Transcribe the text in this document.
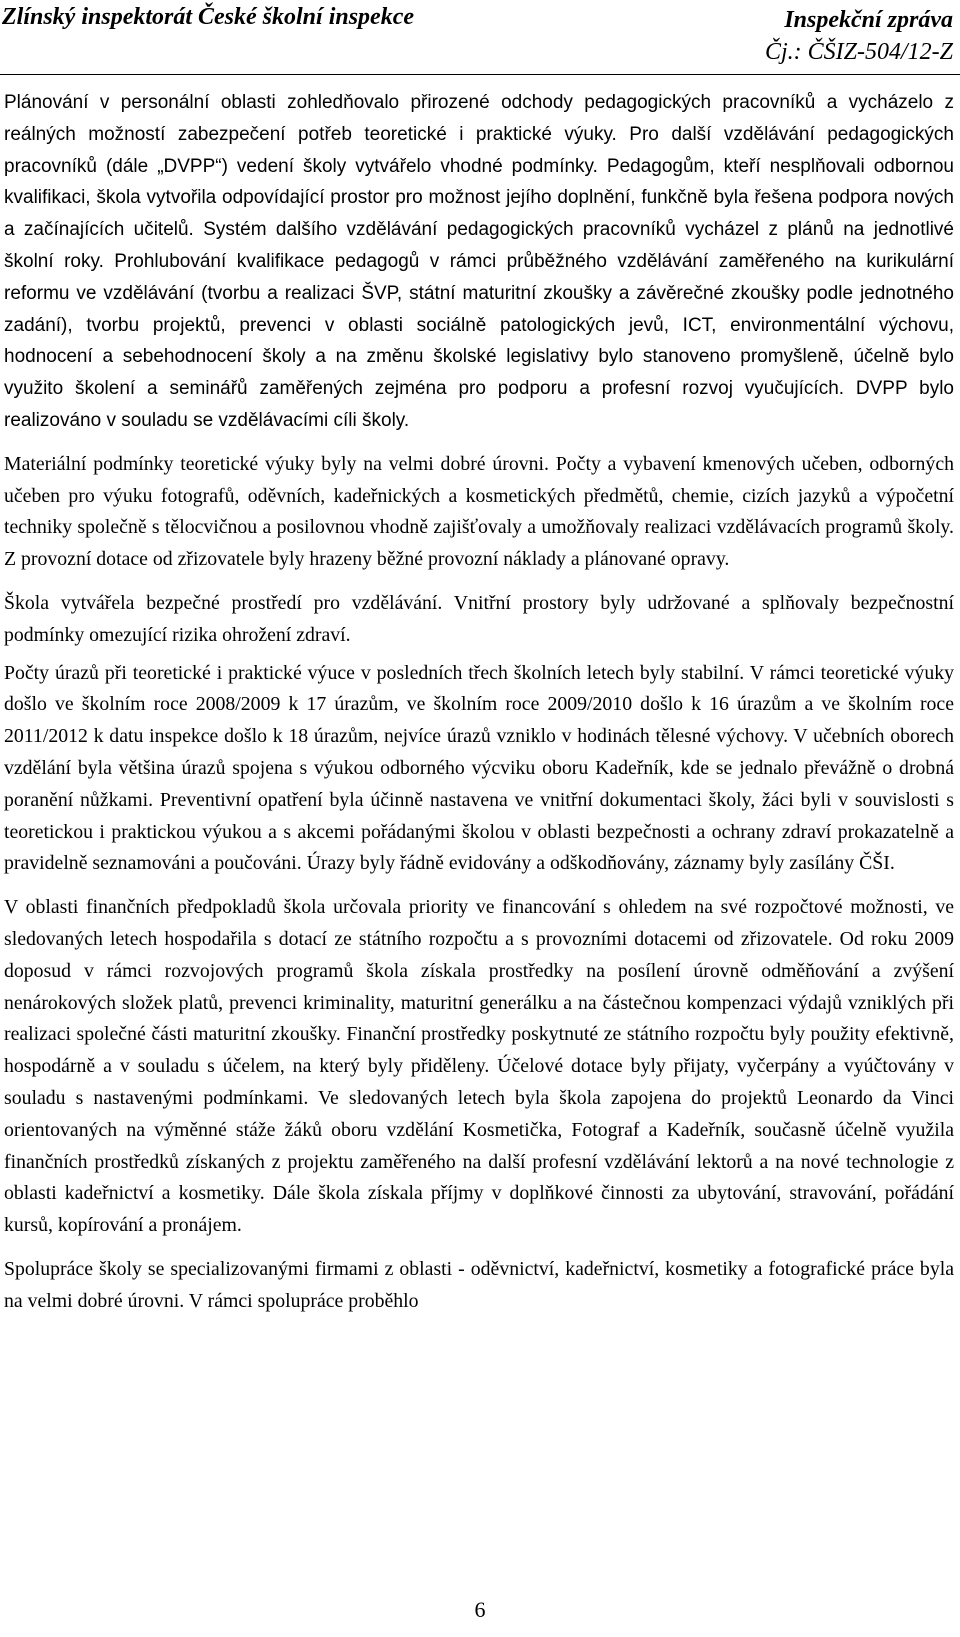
Zlínský inspektorát České školní inspekce	Inspekční zpráva
Čj.: ČŠIZ-504/12-Z

Plánování v personální oblasti zohledňovalo přirozené odchody pedagogických pracovníků a vycházelo z reálných možností zabezpečení potřeb teoretické i praktické výuky. Pro další vzdělávání pedagogických pracovníků (dále „DVPP“) vedení školy vytvářelo vhodné podmínky. Pedagogům, kteří nesplňovali odbornou kvalifikaci, škola vytvořila odpovídající prostor pro možnost jejího doplnění, funkčně byla řešena podpora nových a začínajících učitelů. Systém dalšího vzdělávání pedagogických pracovníků vycházel z plánů na jednotlivé školní roky. Prohlubování kvalifikace pedagogů v rámci průběžného vzdělávání zaměřeného na kurikulární reformu ve vzdělávání (tvorbu a realizaci ŠVP, státní maturitní zkoušky a závěrečné zkoušky podle jednotného zadání), tvorbu projektů, prevenci v oblasti sociálně patologických jevů, ICT, environmentální výchovu, hodnocení a sebehodnocení školy a na změnu školské legislativy bylo stanoveno promyšleně, účelně bylo využito školení a seminářů zaměřených zejména pro podporu a profesní rozvoj vyučujících. DVPP bylo realizováno v souladu se vzdělávacími cíli školy.

Materiální podmínky teoretické výuky byly na velmi dobré úrovni. Počty a vybavení kmenových učeben, odborných učeben pro výuku fotografů, oděvních, kadeřnických a kosmetických předmětů, chemie, cizích jazyků a výpočetní techniky společně s tělocvičnou a posilovnou vhodně zajišťovaly a umožňovaly realizaci vzdělávacích programů školy. Z provozní dotace od zřizovatele byly hrazeny běžné provozní náklady a plánované opravy.

Škola vytvářela bezpečné prostředí pro vzdělávání. Vnitřní prostory byly udržované a splňovaly bezpečnostní podmínky omezující rizika ohrožení zdraví.

Počty úrazů při teoretické i praktické výuce v posledních třech školních letech byly stabilní. V rámci teoretické výuky došlo ve školním roce 2008/2009 k 17 úrazům, ve školním roce 2009/2010 došlo k 16 úrazům a ve školním roce 2011/2012 k datu inspekce došlo k 18 úrazům, nejvíce úrazů vzniklo v hodinách tělesné výchovy. V učebních oborech vzdělání byla většina úrazů spojena s výukou odborného výcviku oboru Kadeřník, kde se jednalo převážně o drobná poranění nůžkami. Preventivní opatření byla účinně nastavena ve vnitřní dokumentaci školy, žáci byli v souvislosti s teoretickou i praktickou výukou a s akcemi pořádanými školou v oblasti bezpečnosti a ochrany zdraví prokazatelně a pravidelně seznamováni a poučováni. Úrazy byly řádně evidovány a odškodňovány, záznamy byly zasílány ČŠI.

V oblasti finančních předpokladů škola určovala priority ve financování s ohledem na své rozpočtové možnosti, ve sledovaných letech hospodařila s dotací ze státního rozpočtu a s provozními dotacemi od zřizovatele. Od roku 2009 doposud v rámci rozvojových programů škola získala prostředky na posílení úrovně odměňování a zvýšení nenárokových složek platů, prevenci kriminality, maturitní generálku a na částečnou kompenzaci výdajů vzniklých při realizaci společné části maturitní zkoušky. Finanční prostředky poskytnuté ze státního rozpočtu byly použity efektivně, hospodárně a v souladu s účelem, na který byly přiděleny. Účelové dotace byly přijaty, vyčerpány a vyúčtovány v souladu s nastavenými podmínkami. Ve sledovaných letech byla škola zapojena do projektů Leonardo da Vinci orientovaných na výměnné stáže žáků oboru vzdělání Kosmetička, Fotograf a Kadeřník, současně účelně využila finančních prostředků získaných z projektu zaměřeného na další profesní vzdělávání lektorů a na nové technologie z oblasti kadeřnictví a kosmetiky. Dále škola získala příjmy v doplňkové činnosti za ubytování, stravování, pořádání kursů, kopírování a pronájem.

Spolupráce školy se specializovanými firmami z oblasti - oděvnictví, kadeřnictví, kosmetiky a fotografické práce byla na velmi dobré úrovni. V rámci spolupráce proběhlo

6
